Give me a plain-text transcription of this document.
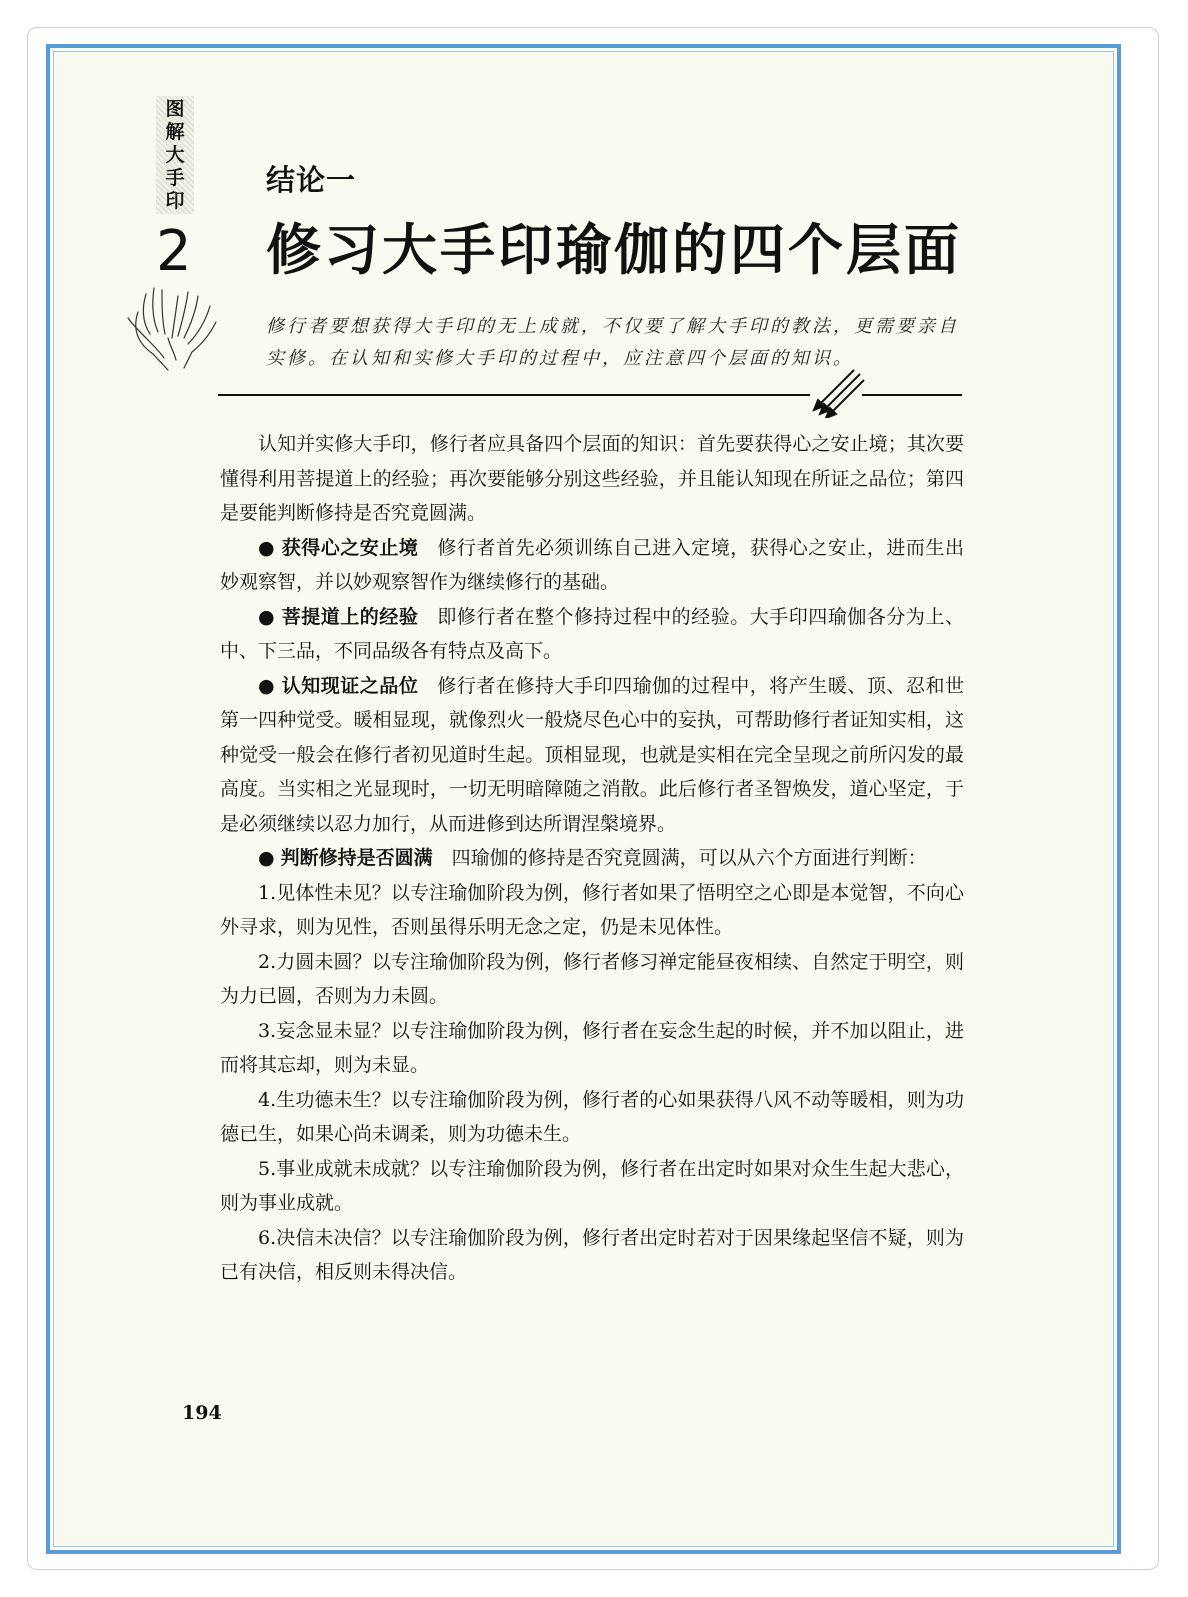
图
解
大
手
印
2
结论一
修习大手印瑜伽的四个层面
修行者要想获得大手印的无上成就，不仅要了解大手印的教法，更需要亲自实修。在认知和实修大手印的过程中，应注意四个层面的知识。

认知并实修大手印，修行者应具备四个层面的知识：首先要获得心之安止境；其次要懂得利用菩提道上的经验；再次要能够分别这些经验，并且能认知现在所证之品位；第四是要能判断修持是否究竟圆满。

● 获得心之安止境 修行者首先必须训练自己进入定境，获得心之安止，进而生出妙观察智，并以妙观察智作为继续修行的基础。

● 菩提道上的经验 即修行者在整个修持过程中的经验。大手印四瑜伽各分为上、中、下三品，不同品级各有特点及高下。

● 认知现证之品位 修行者在修持大手印四瑜伽的过程中，将产生暖、顶、忍和世第一四种觉受。暖相显现，就像烈火一般烧尽色心中的妄执，可帮助修行者证知实相，这种觉受一般会在修行者初见道时生起。顶相显现，也就是实相在完全呈现之前所闪发的最高度。当实相之光显现时，一切无明暗障随之消散。此后修行者圣智焕发，道心坚定，于是必须继续以忍力加行，从而进修到达所谓涅槃境界。

● 判断修持是否圆满 四瑜伽的修持是否究竟圆满，可以从六个方面进行判断：

1.见体性未见？以专注瑜伽阶段为例，修行者如果了悟明空之心即是本觉智，不向心外寻求，则为见性，否则虽得乐明无念之定，仍是未见体性。

2.力圆未圆？以专注瑜伽阶段为例，修行者修习禅定能昼夜相续、自然定于明空，则为力已圆，否则为力未圆。

3.妄念显未显？以专注瑜伽阶段为例，修行者在妄念生起的时候，并不加以阻止，进而将其忘却，则为未显。

4.生功德未生？以专注瑜伽阶段为例，修行者的心如果获得八风不动等暖相，则为功德已生，如果心尚未调柔，则为功德未生。

5.事业成就未成就？以专注瑜伽阶段为例，修行者在出定时如果对众生生起大悲心，则为事业成就。

6.决信未决信？以专注瑜伽阶段为例，修行者出定时若对于因果缘起坚信不疑，则为已有决信，相反则未得决信。

194
